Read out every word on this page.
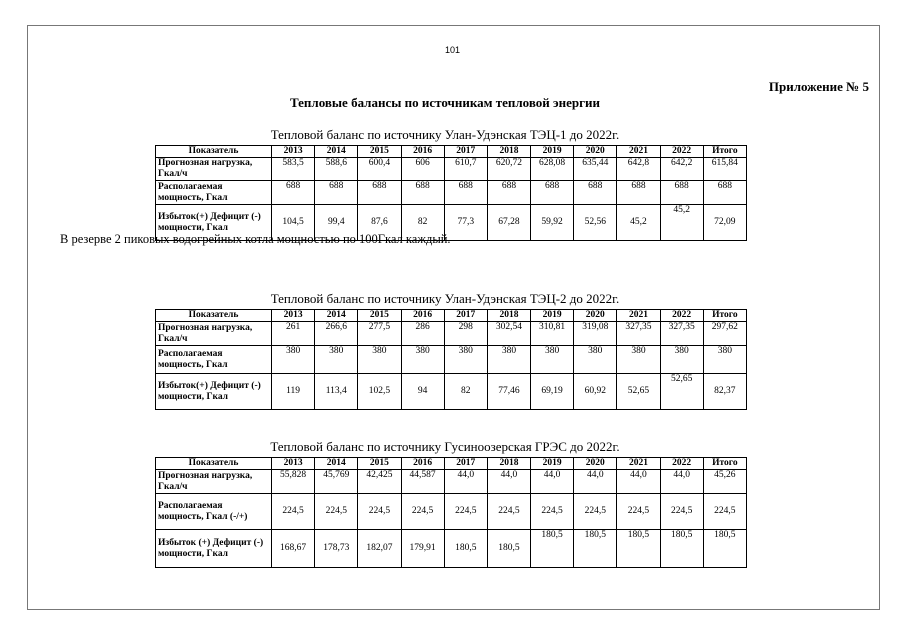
101
Приложение № 5
Тепловые балансы по источникам тепловой энергии
Тепловой баланс по источнику Улан-Удэнская ТЭЦ-1 до 2022г.
Показатель	2013	2014	2015	2016	2017	2018	2019	2020	2021	2022	Итого
Прогнозная нагрузка, Гкал/ч	583,5	588,6	600,4	606	610,7	620,72	628,08	635,44	642,8	642,2	615,84
Располагаемая мощность, Гкал	688	688	688	688	688	688	688	688	688	688	688
Избыток(+) Дефицит (-) мощности, Гкал	104,5	99,4	87,6	82	77,3	67,28	59,92	52,56	45,2	45,2	72,09
В резерве 2 пиковых водогрейных котла мощностью по 100Гкал каждый.
Тепловой баланс по источнику Улан-Удэнская ТЭЦ-2 до 2022г.
Показатель	2013	2014	2015	2016	2017	2018	2019	2020	2021	2022	Итого
Прогнозная нагрузка, Гкал/ч	261	266,6	277,5	286	298	302,54	310,81	319,08	327,35	327,35	297,62
Располагаемая мощность, Гкал	380	380	380	380	380	380	380	380	380	380	380
Избыток(+) Дефицит (-) мощности, Гкал	119	113,4	102,5	94	82	77,46	69,19	60,92	52,65	52,65	82,37
Тепловой баланс по источнику Гусиноозерская ГРЭС до 2022г.
Показатель	2013	2014	2015	2016	2017	2018	2019	2020	2021	2022	Итого
Прогнозная нагрузка, Гкал/ч	55,828	45,769	42,425	44,587	44,0	44,0	44,0	44,0	44,0	44,0	45,26
Располагаемая мощность, Гкал (-/+)	224,5	224,5	224,5	224,5	224,5	224,5	224,5	224,5	224,5	224,5	224,5
Избыток (+) Дефицит (-) мощности, Гкал	168,67	178,73	182,07	179,91	180,5	180,5	180,5	180,5	180,5	180,5	180,5
